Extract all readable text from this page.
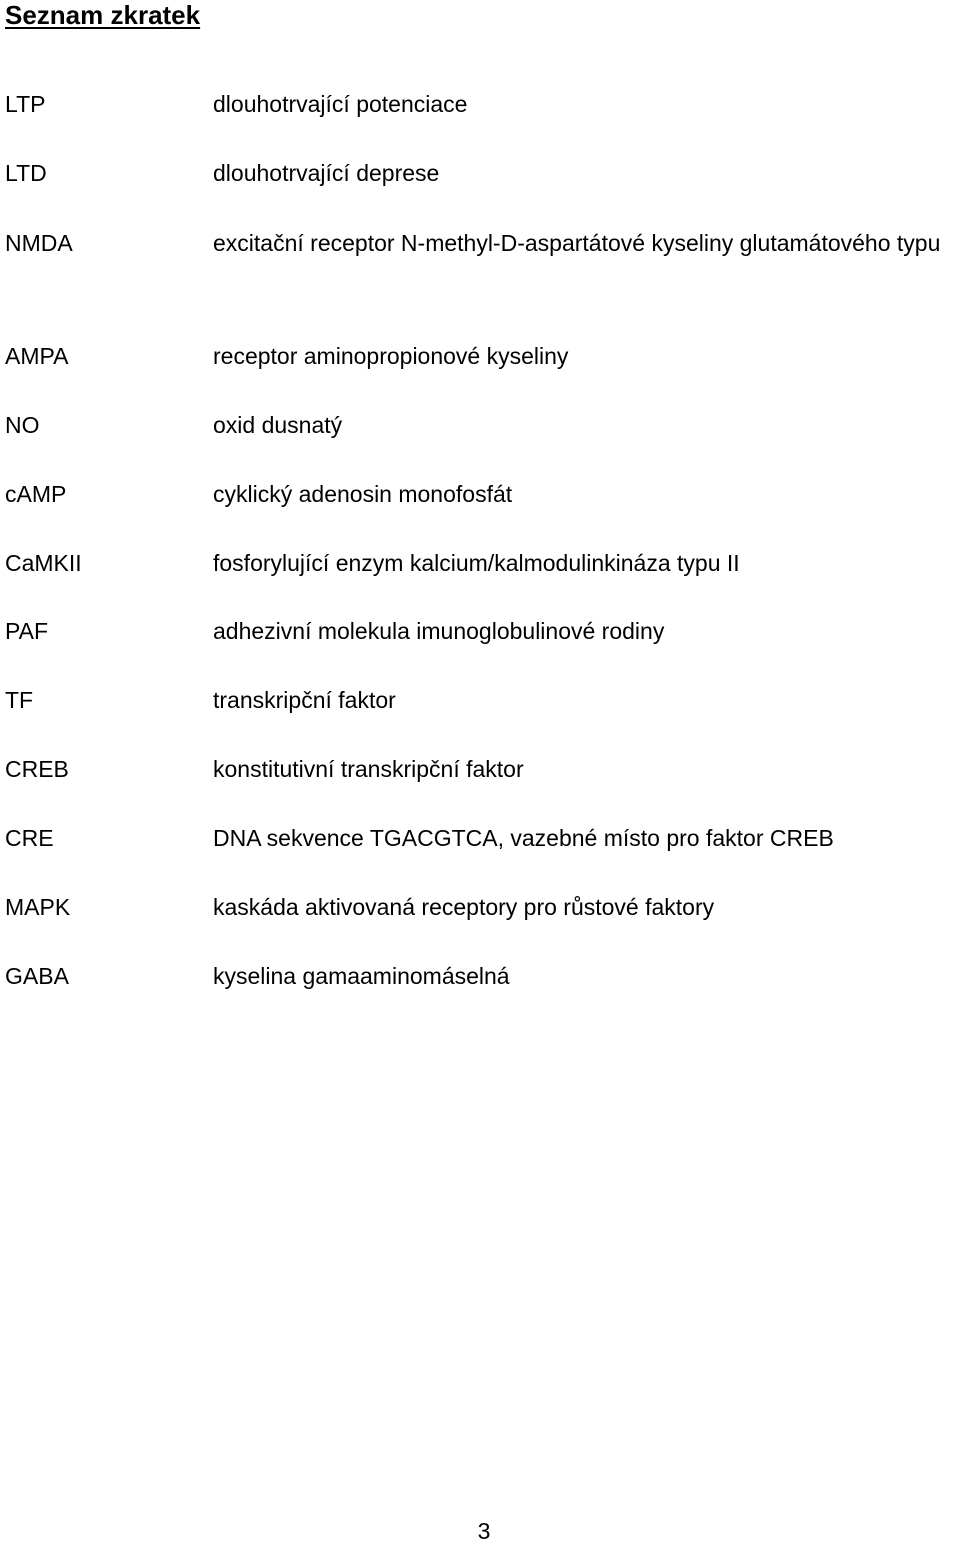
Seznam zkratek
LTP	dlouhotrvající potenciace
LTD	dlouhotrvající deprese
NMDA	excitační receptor N-methyl-D-aspartátové kyseliny glutamátového typu
AMPA	receptor aminopropionové kyseliny
NO	oxid dusnatý
cAMP	cyklický adenosin monofosfát
CaMKII	fosforylující enzym kalcium/kalmodulinkináza typu II
PAF	adhezivní molekula imunoglobulinové rodiny
TF	transkripční faktor
CREB	konstitutivní transkripční faktor
CRE	DNA sekvence TGACGTCA, vazebné místo pro faktor CREB
MAPK	kaskáda aktivovaná receptory pro růstové faktory
GABA	kyselina gamaaminomáselná
3
